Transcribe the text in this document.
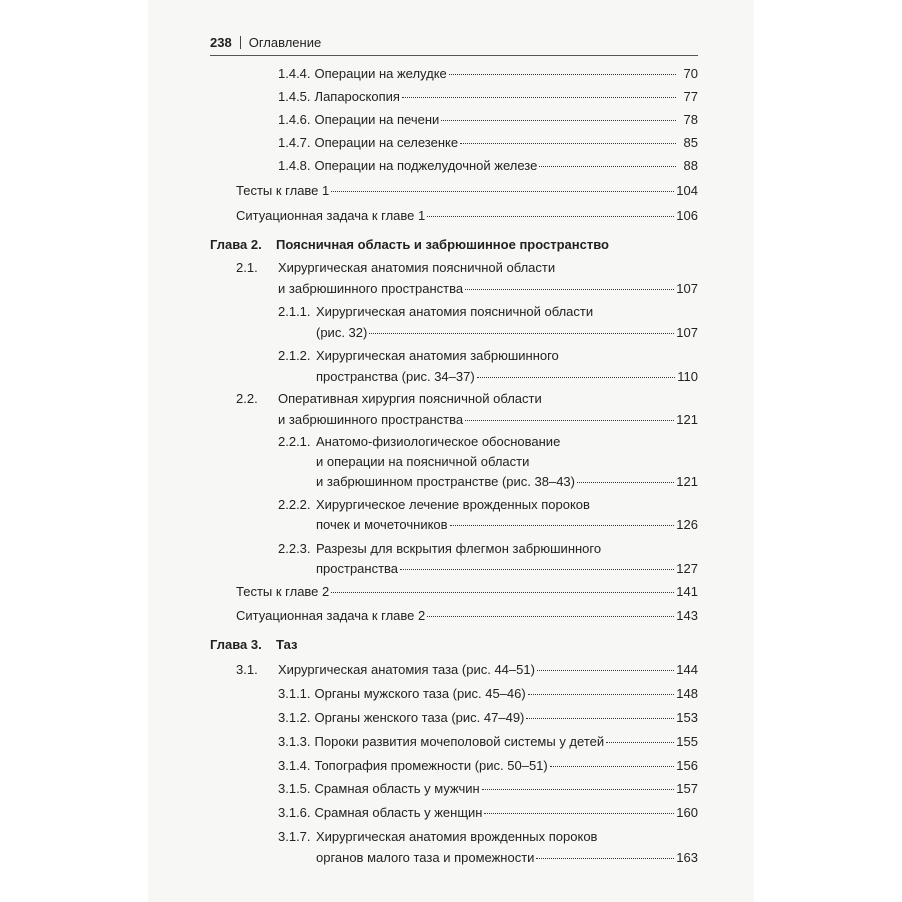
238 Оглавление
1.4.4. Операции на желудке	70
1.4.5. Лапароскопия	77
1.4.6. Операции на печени	78
1.4.7. Операции на селезенке	85
1.4.8. Операции на поджелудочной железе	88
Тесты к главе 1	104
Ситуационная задача к главе 1	106
Глава 2. Поясничная область и забрюшинное пространство
2.1. Хирургическая анатомия поясничной области
и забрюшинного пространства	107
2.1.1. Хирургическая анатомия поясничной области
(рис. 32)	107
2.1.2. Хирургическая анатомия забрюшинного
пространства (рис. 34–37)	110
2.2. Оперативная хирургия поясничной области
и забрюшинного пространства	121
2.2.1. Анатомо-физиологическое обоснование
и операции на поясничной области
и забрюшинном пространстве (рис. 38–43)	121
2.2.2. Хирургическое лечение врожденных пороков
почек и мочеточников	126
2.2.3. Разрезы для вскрытия флегмон забрюшинного
пространства	127
Тесты к главе 2	141
Ситуационная задача к главе 2	143
Глава 3. Таз
3.1. Хирургическая анатомия таза (рис. 44–51)	144
3.1.1. Органы мужского таза (рис. 45–46)	148
3.1.2. Органы женского таза (рис. 47–49)	153
3.1.3. Пороки развития мочеполовой системы у детей	155
3.1.4. Топография промежности (рис. 50–51)	156
3.1.5. Срамная область у мужчин	157
3.1.6. Срамная область у женщин	160
3.1.7. Хирургическая анатомия врожденных пороков
органов малого таза и промежности	163
